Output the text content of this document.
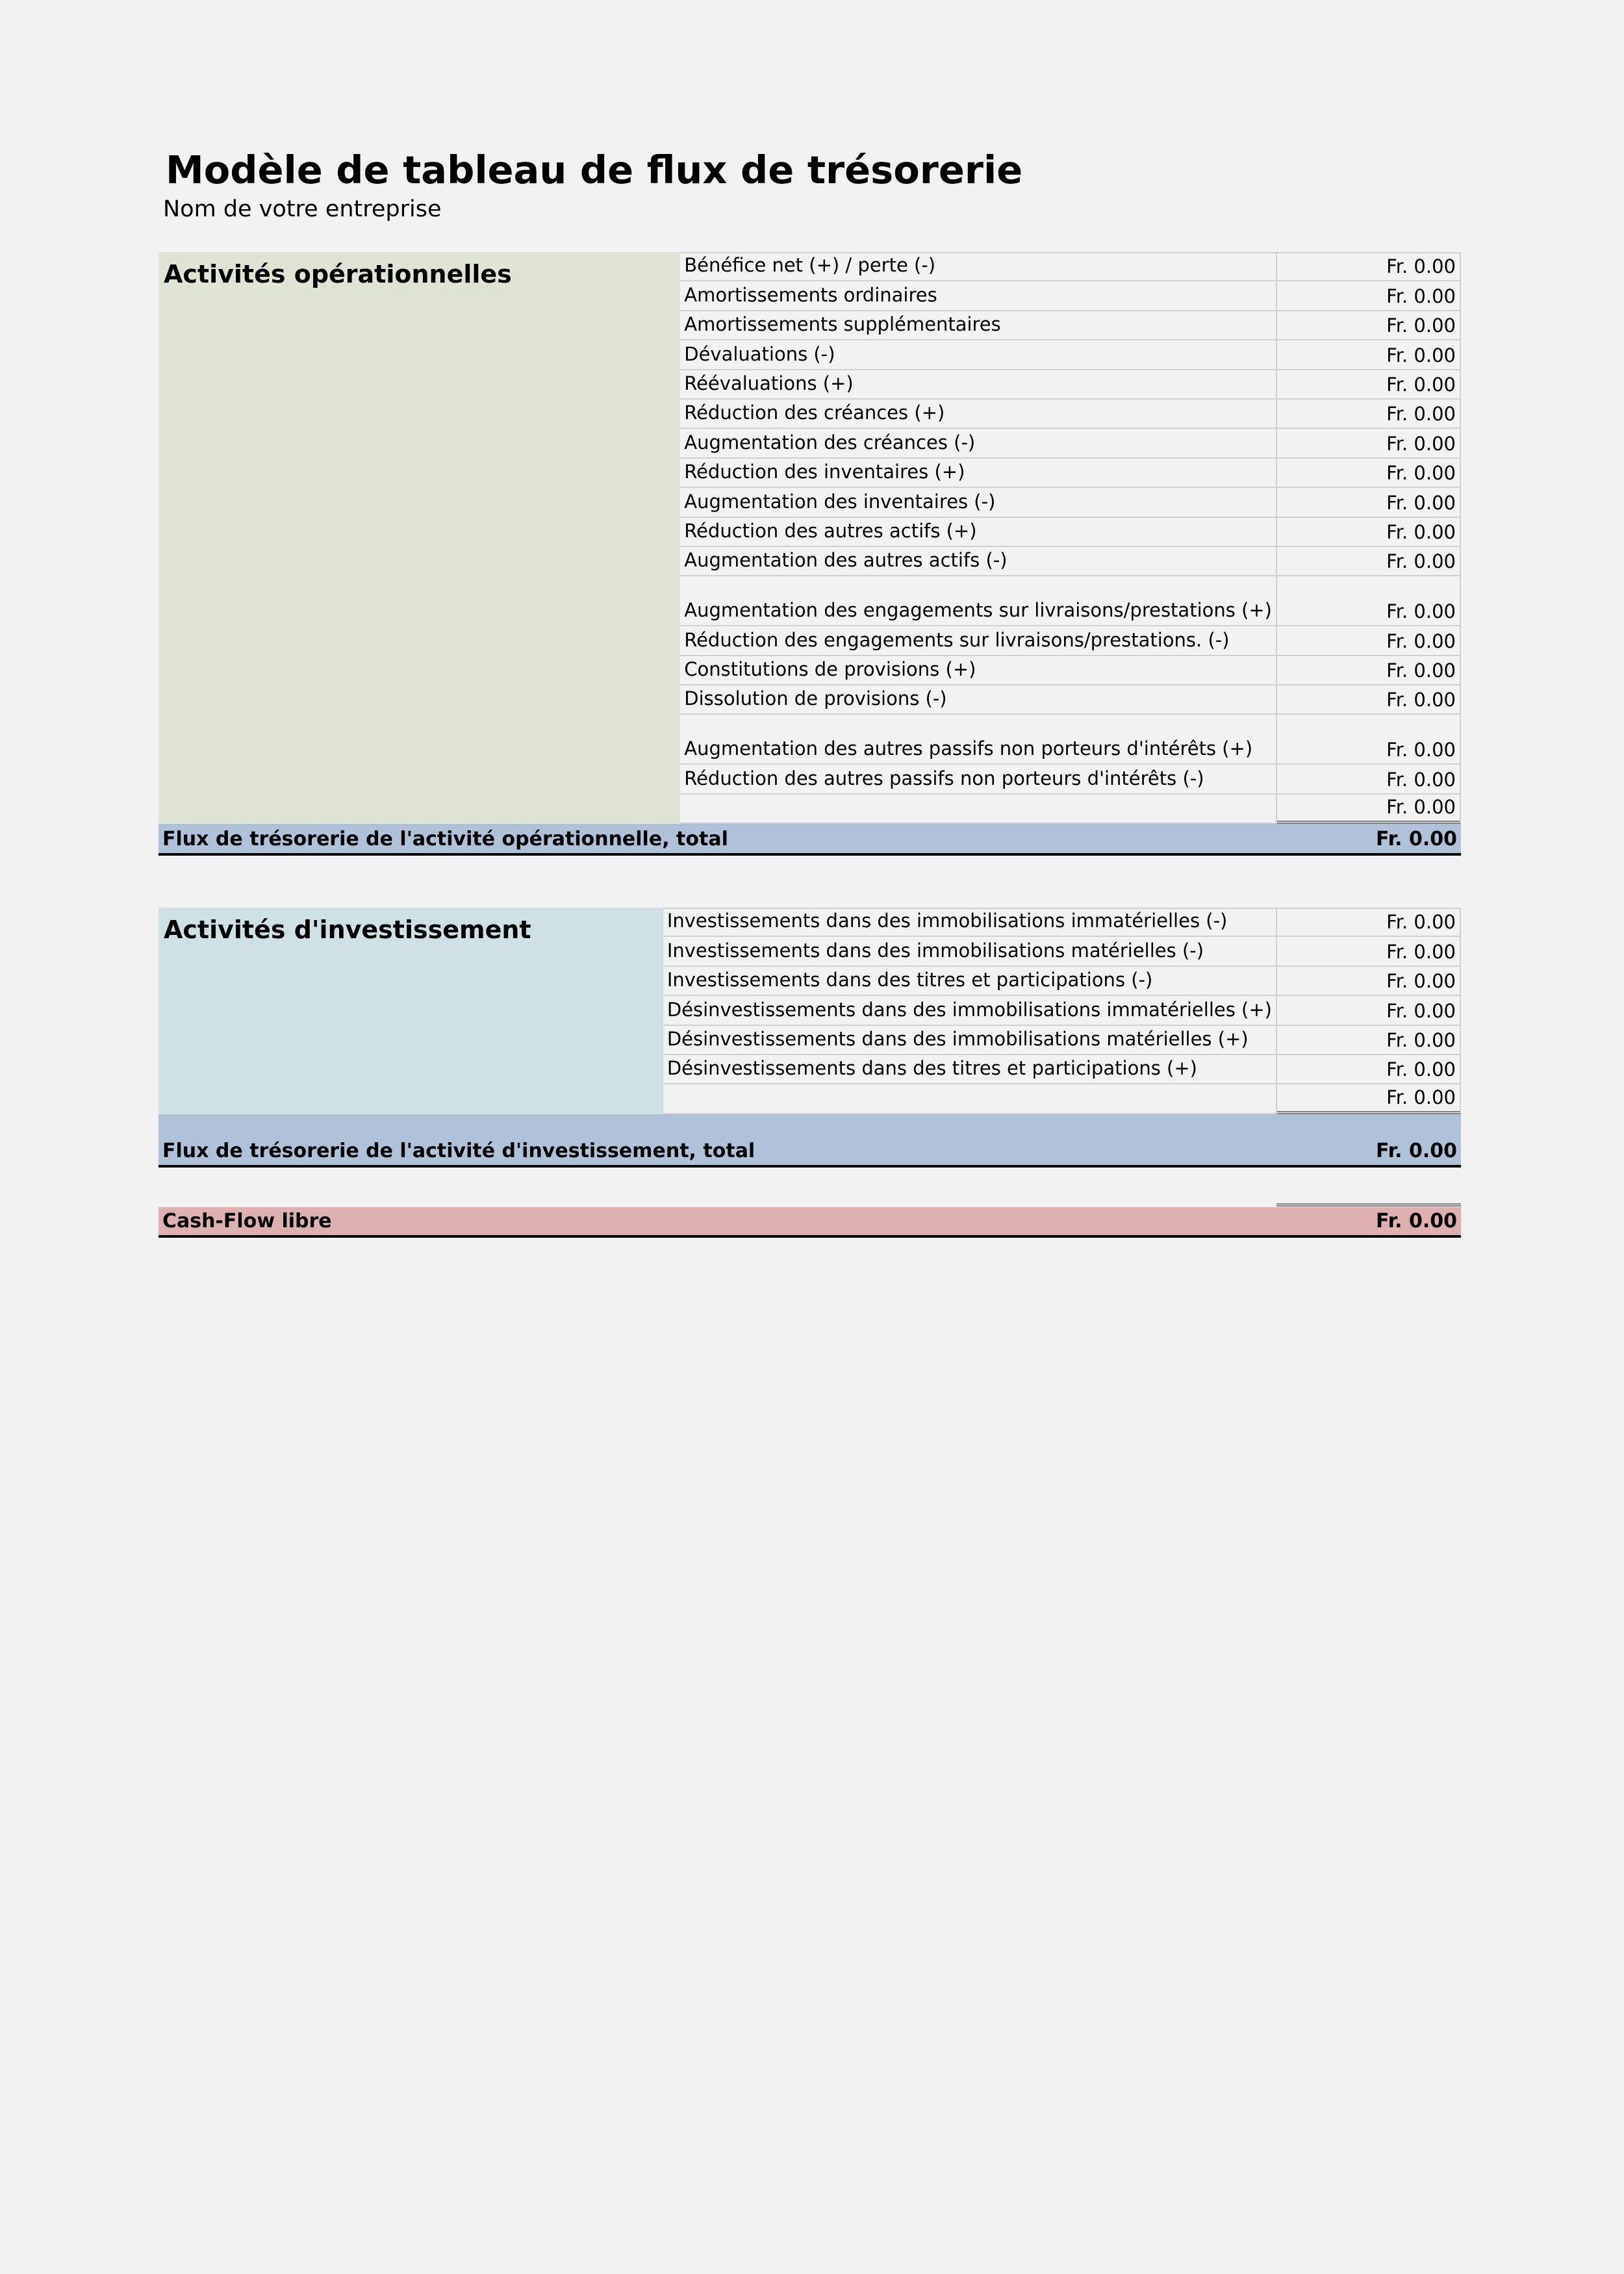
Modèle de tableau de flux de trésorerie
Nom de votre entreprise
Activités opérationnelles	Bénéfice net (+) / perte (-)	Fr. 0.00
Amortissements ordinaires	Fr. 0.00
Amortissements supplémentaires	Fr. 0.00
Dévaluations (-)	Fr. 0.00
Réévaluations (+)	Fr. 0.00
Réduction des créances (+)	Fr. 0.00
Augmentation des créances (-)	Fr. 0.00
Réduction des inventaires (+)	Fr. 0.00
Augmentation des inventaires (-)	Fr. 0.00
Réduction des autres actifs (+)	Fr. 0.00
Augmentation des autres actifs (-)	Fr. 0.00
Augmentation des engagements sur livraisons/prestations (+)	Fr. 0.00
Réduction des engagements sur livraisons/prestations. (-)	Fr. 0.00
Constitutions de provisions (+)	Fr. 0.00
Dissolution de provisions (-)	Fr. 0.00
Augmentation des autres passifs non porteurs d'intérêts (+)	Fr. 0.00
Réduction des autres passifs non porteurs d'intérêts (-)	Fr. 0.00
Fr. 0.00
Flux de trésorerie de l'activité opérationnelle, total	Fr. 0.00
Activités d'investissement	Investissements dans des immobilisations immatérielles (-)	Fr. 0.00
Investissements dans des immobilisations matérielles (-)	Fr. 0.00
Investissements dans des titres et participations (-)	Fr. 0.00
Désinvestissements dans des immobilisations immatérielles (+)	Fr. 0.00
Désinvestissements dans des immobilisations matérielles (+)	Fr. 0.00
Désinvestissements dans des titres et participations (+)	Fr. 0.00
Fr. 0.00
Flux de trésorerie de l'activité d'investissement, total	Fr. 0.00
Cash-Flow libre	Fr. 0.00
